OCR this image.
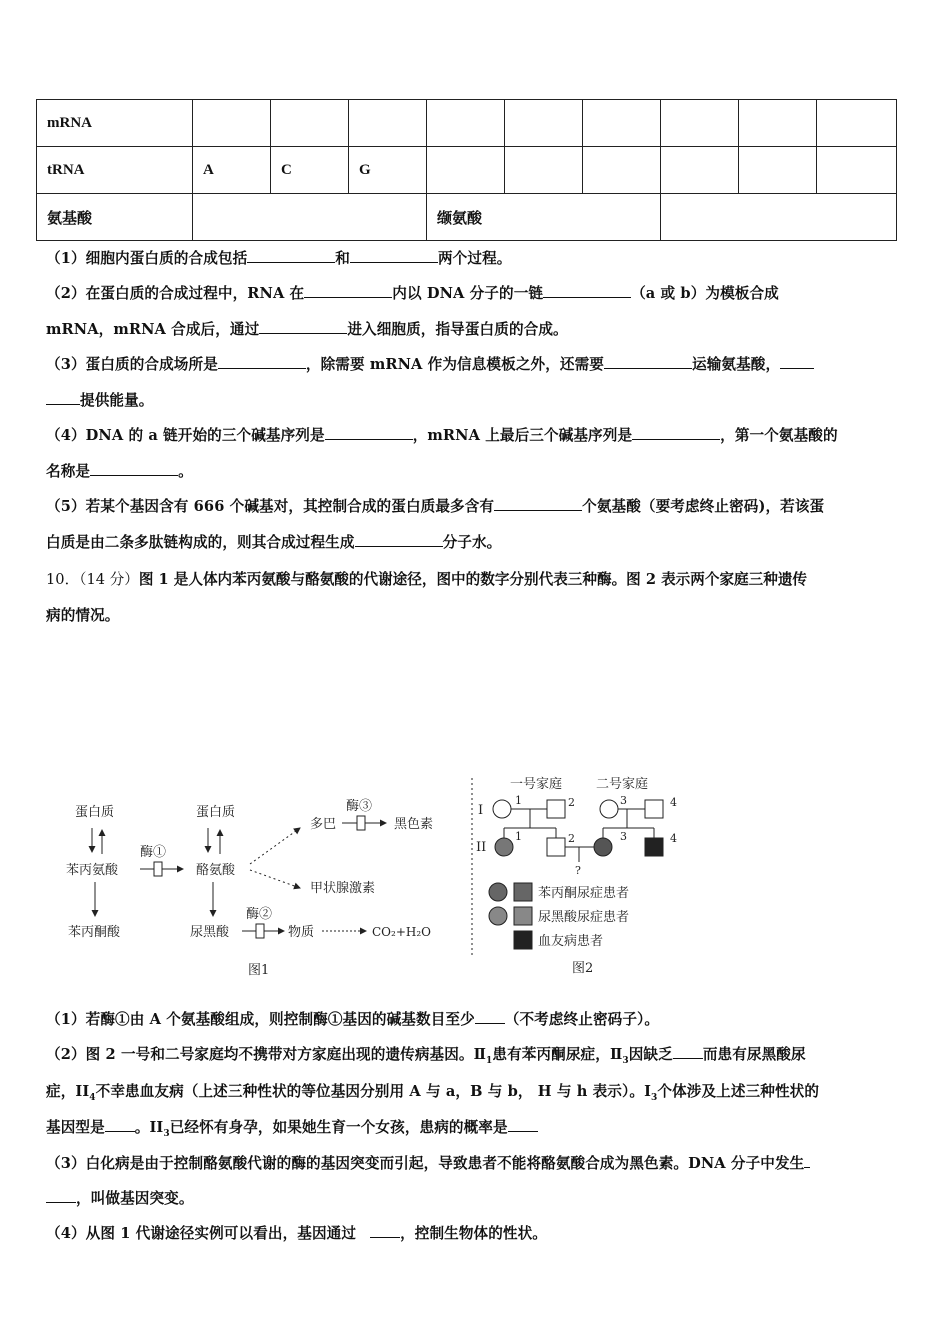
mRNA									
tRNA	A	C	G						
氨基酸				缬氨酸					
（1）细胞内蛋白质的合成包括	和	两个过程。
（2）在蛋白质的合成过程中，RNA 在	内以 DNA 分子的一链	（a 或 b）为模板合成
mRNA，mRNA 合成后，通过	进入细胞质，指导蛋白质的合成。
（3）蛋白质的合成场所是	，除需要 mRNA 作为信息模板之外，还需要	运输氨基酸，
提供能量。
（4）DNA 的 a 链开始的三个碱基序列是	，mRNA 上最后三个碱基序列是	，第一个氨基酸的
名称是	。
（5）若某个基因含有 666 个碱基对，其控制合成的蛋白质最多含有	个氨基酸（要考虑终止密码)，若该蛋
白质是由二条多肽链构成的，则其合成过程生成	分子水。
10．（14 分）图 1 是人体内苯丙氨酸与酪氨酸的代谢途径，图中的数字分别代表三种酶。图 2 表示两个家庭三种遗传
病的情况。
蛋白质
苯丙氨酸
苯丙酮酸
酶①
蛋白质
酪氨酸
尿黑酸
多巴
酶③
黑色素
甲状腺激素
酶②
物质	CO₂+H₂O
图1
一号家庭	二号家庭
I
II
1	2	3	4
1	2	3	4
?
苯丙酮尿症患者
尿黑酸尿症患者
血友病患者
图2
（1）若酶①由 A 个氨基酸组成，则控制酶①基因的碱基数目至少 （不考虑终止密码子）。
（2）图 2 一号和二号家庭均不携带对方家庭出现的遗传病基因。$Ⅱ_1$患有苯丙酮尿症，$Ⅱ_3$因缺乏 而患有尿黑酸尿
症，$II_4$不幸患血友病（上述三种性状的等位基因分别用 A 与 a，B 与 b， H 与 h 表示）。$I_3$个体涉及上述三种性状的
基因型是 。$II_3$已经怀有身孕，如果她生育一个女孩，患病的概率是
（3）白化病是由于控制酪氨酸代谢的酶的基因突变而引起，导致患者不能将酪氨酸合成为黑色素。DNA 分子中发生
，叫做基因突变。
（4）从图 1 代谢途径实例可以看出，基因通过	，控制生物体的性状。
